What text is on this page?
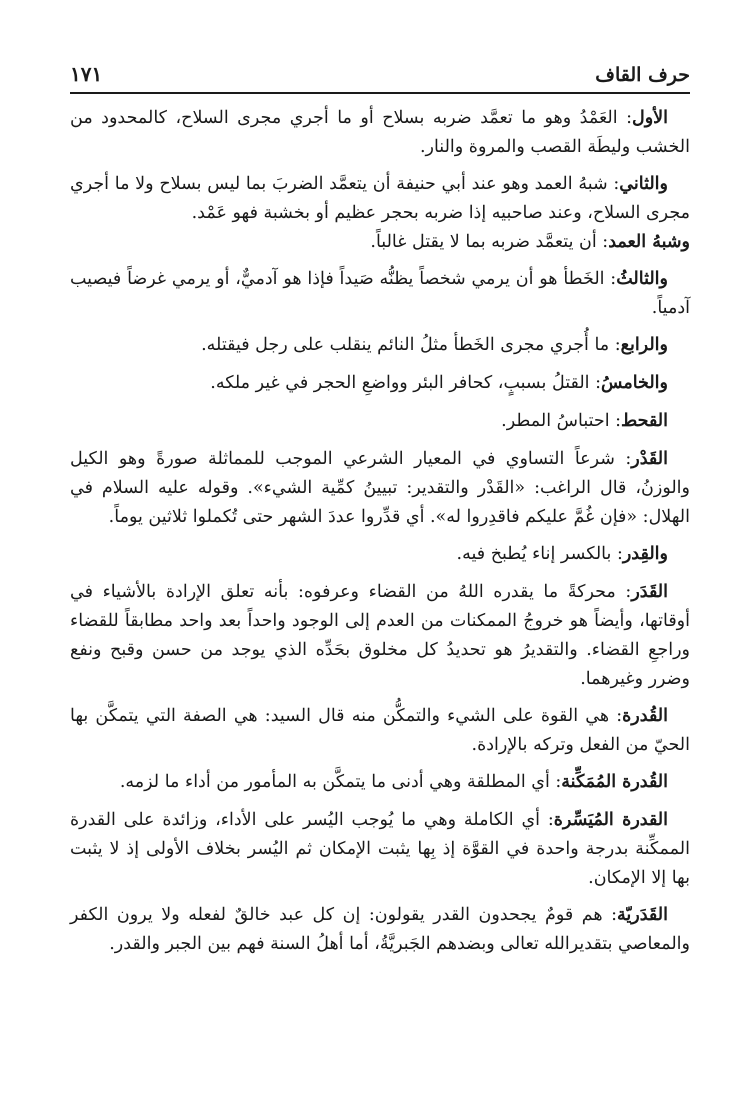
حرف القاف
١٧١

الأول: العَمْدُ وهو ما تعمَّد ضربه بسلاح أو ما أجري مجرى السلاح، كالمحدود من الخشب وليطَة القصب والمروة والنار.

والثاني: شبهُ العمد وهو عند أبي حنيفة أن يتعمَّد الضربَ بما ليس بسلاح ولا ما أجري مجرى السلاح، وعند صاحبيه إذا ضربه بحجر عظيم أو بخشبة فهو عَمْد.

وشبهُ العمد: أن يتعمَّد ضربه بما لا يقتل غالباً.

والثالثُ: الخَطأ هو أن يرمي شخصاً يظنُّه صَيداً فإذا هو آدميٌّ، أو يرمي غرضاً فيصيب آدمياً.

والرابع: ما أُجري مجرى الخَطأ مثلُ النائم ينقلب على رجل فيقتله.

والخامسُ: القتلُ بسببٍ، كحافر البئر وواضعِ الحجر في غير ملكه.

القحط: احتباسُ المطر.

القَدْر: شرعاً التساوي في المعيار الشرعي الموجب للمماثلة صورةً وهو الكيل والوزنُ، قال الراغب: «القَدْر والتقدير: تبيينُ كمِّية الشيء». وقوله عليه السلام في الهلال: «فإن غُمَّ عليكم فاقدِروا له». أي قدِّروا عددَ الشهر حتى تُكملوا ثلاثين يوماً.

والقِدر: بالكسر إناء يُطبخ فيه.

القَدَر: محركةً ما يقدره اللهُ من القضاء وعرفوه: بأنه تعلق الإرادة بالأشياء في أوقاتها، وأيضاً هو خروجُ الممكنات من العدم إلى الوجود واحداً بعد واحد مطابقاً للقضاء وراجعِ القضاء. والتقديرُ هو تحديدُ كل مخلوق بحَدِّه الذي يوجد من حسن وقبح ونفع وضرر وغيرهما.

القُدرة: هي القوة على الشيء والتمكُّن منه قال السيد: هي الصفة التي يتمكَّن بها الحيّ من الفعل وتركه بالإرادة.

القُدرة المُمَكِّنة: أي المطلقة وهي أدنى ما يتمكَّن به المأمور من أداء ما لزمه.

القدرة المُيَسِّرة: أي الكاملة وهي ما يُوجب اليُسر على الأداء، وزائدة على القدرة الممكِّنة بدرجة واحدة في القوَّة إذ بِها يثبت الإمكان ثم اليُسر بخلاف الأولى إذ لا يثبت بها إلا الإمكان.

القَدَريّة: هم قومٌ يجحدون القدر يقولون: إن كل عبد خالقٌ لفعله ولا يرون الكفر والمعاصي بتقديرالله تعالى وبضدهم الجَبريَّةُ، أما أهلُ السنة فهم بين الجبر والقدر.
